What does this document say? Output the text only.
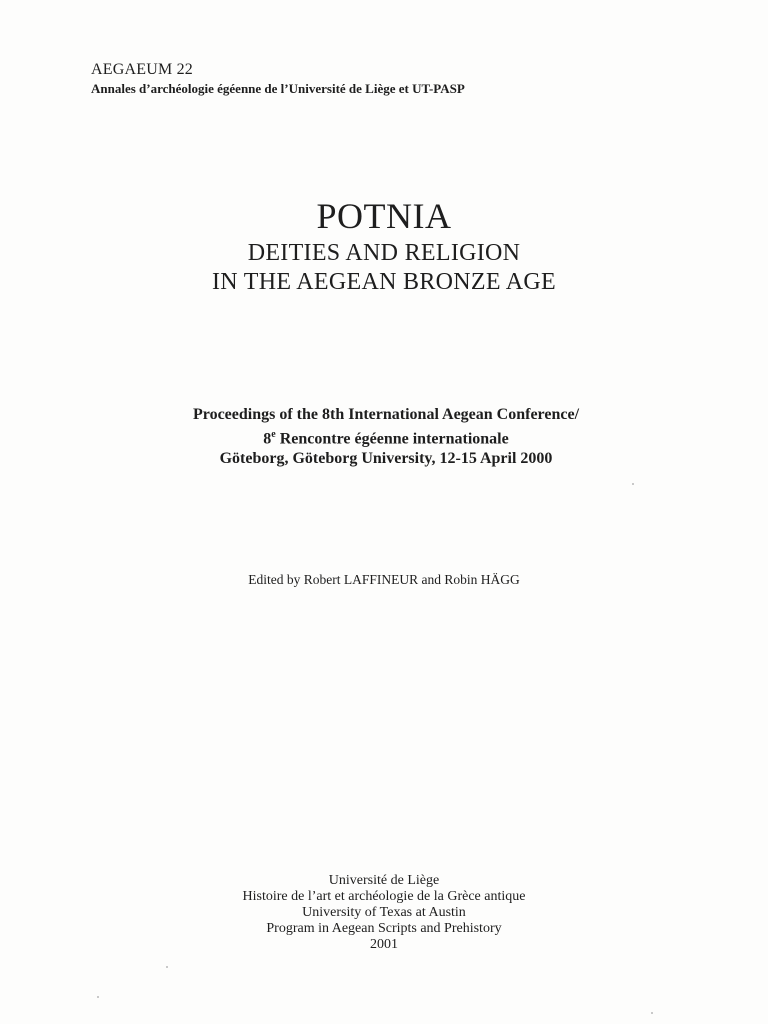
AEGAEUM 22
Annales d’archéologie égéenne de l’Université de Liège et UT-PASP
POTNIA
DEITIES AND RELIGION
IN THE AEGEAN BRONZE AGE
Proceedings of the 8th International Aegean Conference/
8e Rencontre égéenne internationale
Göteborg, Göteborg University, 12-15 April 2000
Edited by Robert LAFFINEUR and Robin HÄGG
Université de Liège
Histoire de l’art et archéologie de la Grèce antique
University of Texas at Austin
Program in Aegean Scripts and Prehistory
2001
